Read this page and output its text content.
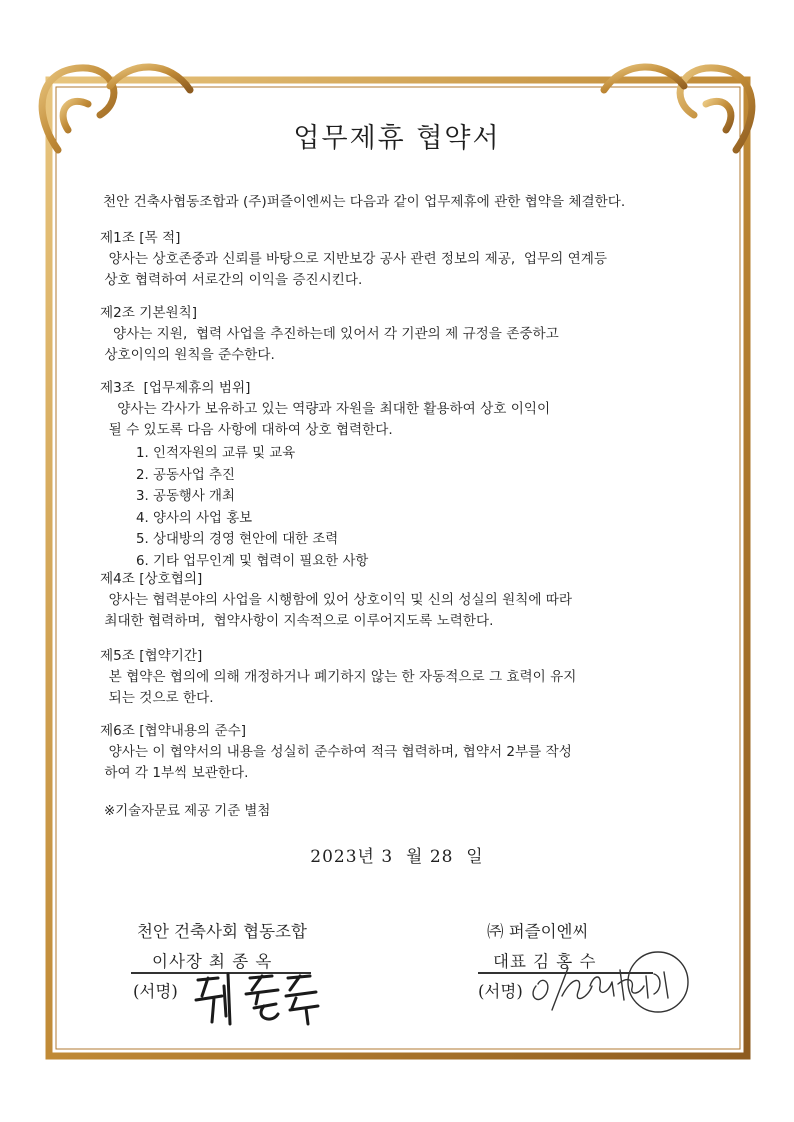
업무제휴 협약서
천안 건축사협동조합과 (주)퍼즐이엔씨는 다음과 같이 업무제휴에 관한 협약을 체결한다.
제1조 [목 적]
양사는 상호존중과 신뢰를 바탕으로 지반보강 공사 관련 정보의 제공,  업무의 연계등
상호 협력하여 서로간의 이익을 증진시킨다.
제2조 기본원칙]
양사는 지원,  협력 사업을 추진하는데 있어서 각 기관의 제 규정을 존중하고
상호이익의 원칙을 준수한다.
제3조  [업무제휴의 범위]
양사는 각사가 보유하고 있는 역량과 자원을 최대한 활용하여 상호 이익이
될 수 있도록 다음 사항에 대하여 상호 협력한다.
1. 인적자원의 교류 및 교육
2. 공동사업 추진
3. 공동행사 개최
4. 양사의 사업 홍보
5. 상대방의 경영 현안에 대한 조력
6. 기타 업무인계 및 협력이 필요한 사항
제4조 [상호협의]
양사는 협력분야의 사업을 시행함에 있어 상호이익 및 신의 성실의 원칙에 따라
최대한 협력하며,  협약사항이 지속적으로 이루어지도록 노력한다.
제5조 [협약기간]
본 협약은 협의에 의해 개정하거나 폐기하지 않는 한 자동적으로 그 효력이 유지
되는 것으로 한다.
제6조 [협약내용의 준수]
양사는 이 협약서의 내용을 성실히 준수하여 적극 협력하며, 협약서 2부를 작성
하여 각 1부씩 보관한다.
※기술자문료 제공 기준 별첨
2023년 3  월 28  일
천안 건축사회 협동조합
이사장 최 종 옥
(서명)
㈜ 퍼즐이엔씨
대표 김 홍 수
(서명)
